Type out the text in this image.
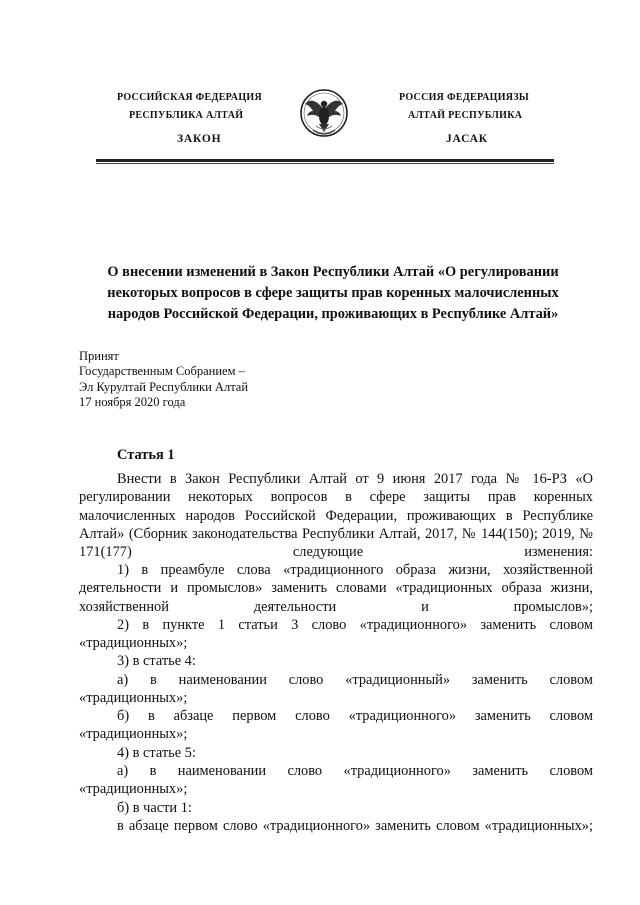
РОССИЙСКАЯ ФЕДЕРАЦИЯ
РЕСПУБЛИКА АЛТАЙ
ЗАКОН
РОССИЯ ФЕДЕРАЦИЯЗЫ
АЛТАЙ РЕСПУБЛИКА
JАСАК
О внесении изменений в Закон Республики Алтай «О регулировании некоторых вопросов в сфере защиты прав коренных малочисленных народов Российской Федерации, проживающих в Республике Алтай»
Принят
Государственным Собранием –
Эл Курултай Республики Алтай
17 ноября 2020 года
Статья 1
Внести в Закон Республики Алтай от 9 июня 2017 года № 16-РЗ «О регулировании некоторых вопросов в сфере защиты прав коренных малочисленных народов Российской Федерации, проживающих в Республике Алтай» (Сборник законодательства Республики Алтай, 2017, № 144(150); 2019, № 171(177) следующие изменения:
1) в преамбуле слова «традиционного образа жизни, хозяйственной деятельности и промыслов» заменить словами «традиционных образа жизни, хозяйственной деятельности и промыслов»;
2) в пункте 1 статьи 3 слово «традиционного» заменить словом «традиционных»;
3) в статье 4:
а) в наименовании слово «традиционный» заменить словом «традиционных»;
б) в абзаце первом слово «традиционного» заменить словом «традиционных»;
4) в статье 5:
а) в наименовании слово «традиционного» заменить словом «традиционных»;
б) в части 1:
в абзаце первом слово «традиционного» заменить словом «традиционных»;
